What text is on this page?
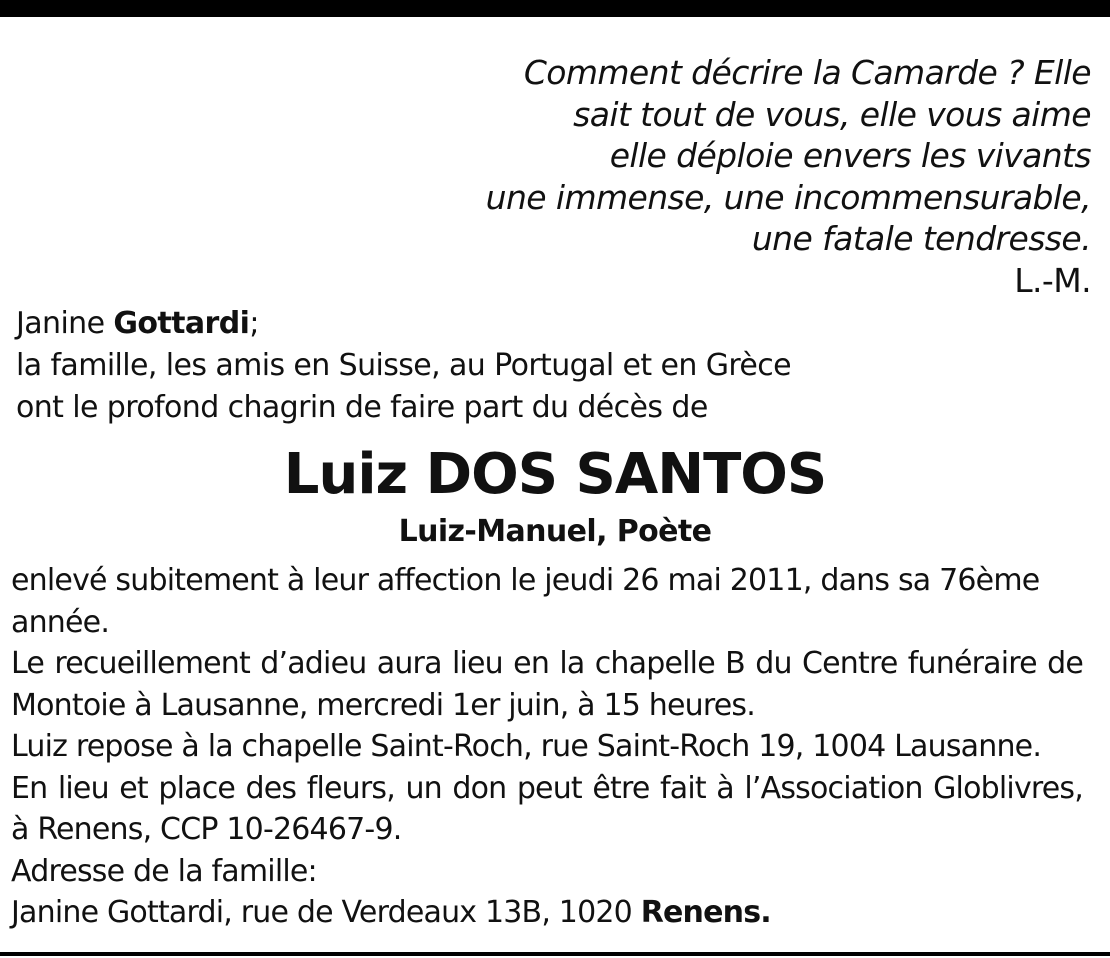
Comment décrire la Camarde ? Elle
sait tout de vous, elle vous aime
elle déploie envers les vivants
une immense, une incommensurable,
une fatale tendresse.
L.-M.
Janine Gottardi;
la famille, les amis en Suisse, au Portugal et en Grèce
ont le profond chagrin de faire part du décès de
Luiz DOS SANTOS
Luiz-Manuel, Poète

enlevé subitement à leur affection le jeudi 26 mai 2011, dans sa 76ème année.

Le recueillement d’adieu aura lieu en la chapelle B du Centre funéraire de Montoie à Lausanne, mercredi 1er juin, à 15 heures.

Luiz repose à la chapelle Saint-Roch, rue Saint-Roch 19, 1004 Lausanne.

En lieu et place des fleurs, un don peut être fait à l’Association Globlivres, à Renens, CCP 10-26467-9.

Adresse de la famille:
Janine Gottardi, rue de Verdeaux 13B, 1020 Renens.
